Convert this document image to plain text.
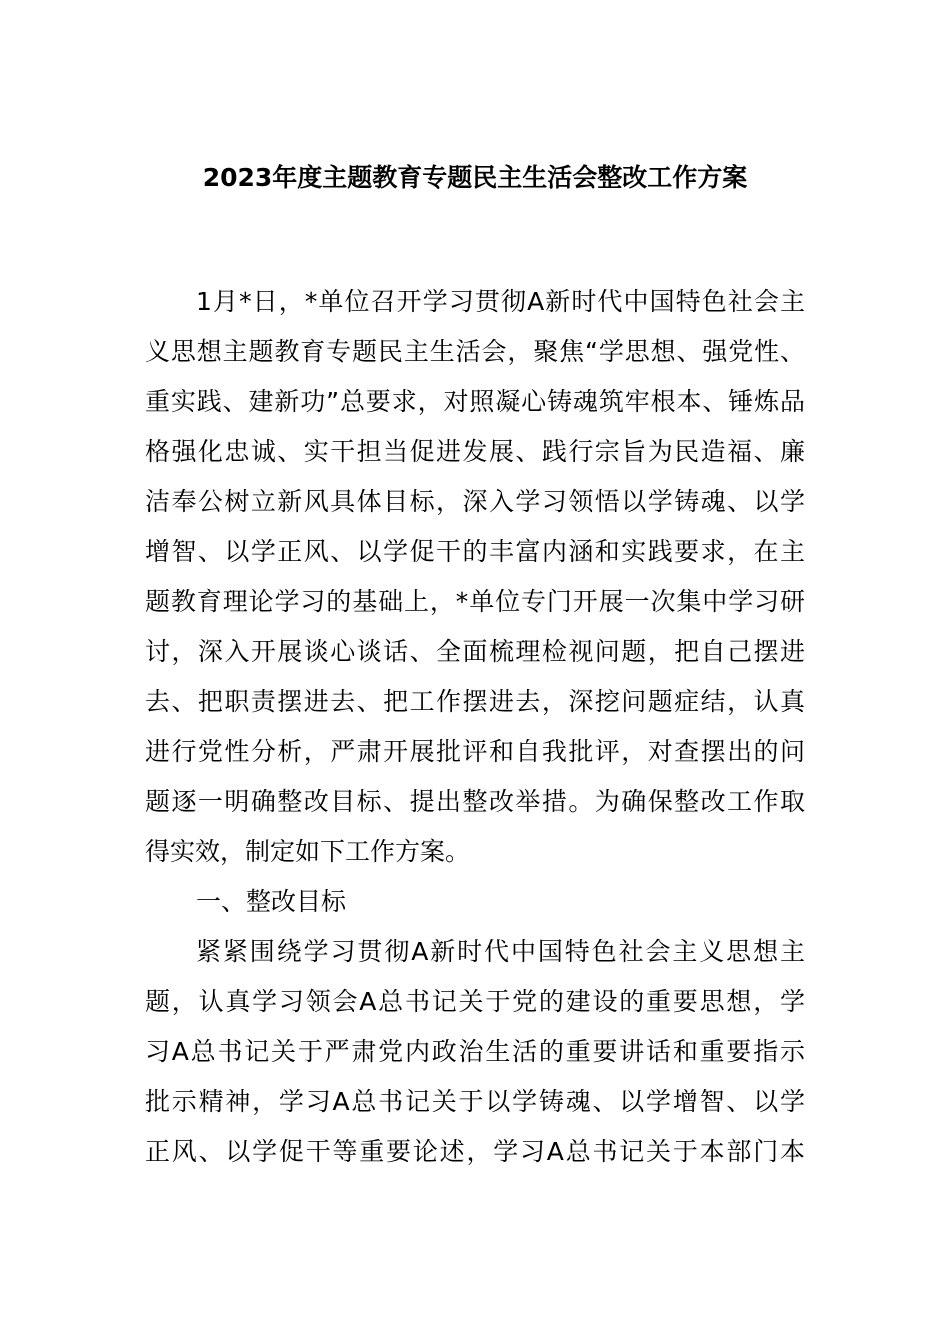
2023年度主题教育专题民主生活会整改工作方案
1月*日，*单位召开学习贯彻A新时代中国特色社会主
义思想主题教育专题民主生活会，聚焦“学思想、强党性、
重实践、建新功”总要求，对照凝心铸魂筑牢根本、锤炼品
格强化忠诚、实干担当促进发展、践行宗旨为民造福、廉
洁奉公树立新风具体目标，深入学习领悟以学铸魂、以学
增智、以学正风、以学促干的丰富内涵和实践要求，在主
题教育理论学习的基础上，*单位专门开展一次集中学习研
讨，深入开展谈心谈话、全面梳理检视问题，把自己摆进
去、把职责摆进去、把工作摆进去，深挖问题症结，认真
进行党性分析，严肃开展批评和自我批评，对查摆出的问
题逐一明确整改目标、提出整改举措。为确保整改工作取
得实效，制定如下工作方案。
一、整改目标
紧紧围绕学习贯彻A新时代中国特色社会主义思想主
题，认真学习领会A总书记关于党的建设的重要思想，学
习A总书记关于严肃党内政治生活的重要讲话和重要指示
批示精神，学习A总书记关于以学铸魂、以学增智、以学
正风、以学促干等重要论述，学习A总书记关于本部门本
